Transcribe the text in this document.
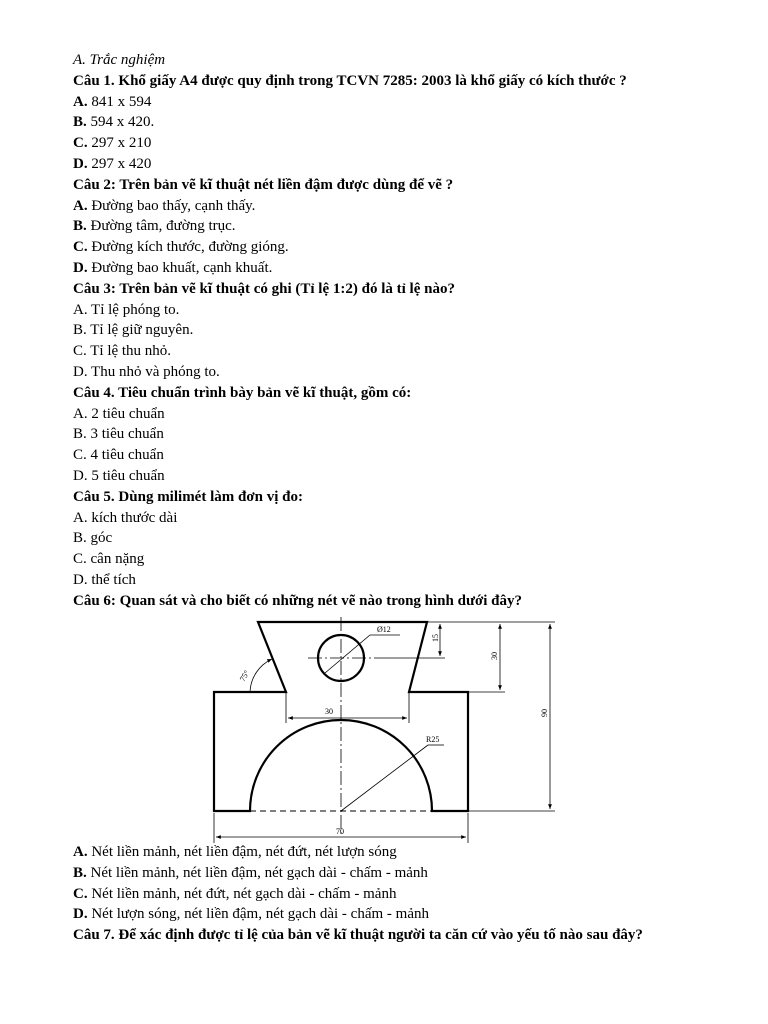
A. Trắc nghiệm
Câu 1. Khổ giấy A4 được quy định trong TCVN 7285: 2003 là khổ giấy có kích thước ?
A. 841 x 594
B. 594 x 420.
C. 297 x 210
D. 297 x 420
Câu 2: Trên bản vẽ kĩ thuật nét liền đậm được dùng để vẽ ?
A. Đường bao thấy, cạnh thấy.
B. Đường tâm, đường trục.
C. Đường kích thước, đường gióng.
D. Đường bao khuất, cạnh khuất.
Câu 3: Trên bản vẽ kĩ thuật có ghi (Tỉ lệ 1:2) đó là tỉ lệ nào?
A. Tỉ lệ phóng to.
B. Tỉ lệ giữ nguyên.
C. Tỉ lệ thu nhỏ.
D. Thu nhỏ và phóng to.
Câu 4. Tiêu chuẩn trình bày bản vẽ kĩ thuật, gồm có:
A. 2 tiêu chuẩn
B. 3 tiêu chuẩn
C. 4 tiêu chuẩn
D. 5 tiêu chuẩn
Câu 5. Dùng milimét làm đơn vị đo:
A. kích thước dài
B. góc
C. cân nặng
D. thể tích
Câu 6: Quan sát và cho biết có những nét vẽ nào trong hình dưới đây?
Ø12
30
R25
70
15
30
90
75°
A. Nét liền mảnh, nét liền đậm, nét đứt, nét lượn sóng
B. Nét liền mảnh, nét liền đậm, nét gạch dài - chấm - mảnh
C. Nét liền mảnh, nét đứt, nét gạch dài - chấm - mảnh
D. Nét lượn sóng, nét liền đậm, nét gạch dài - chấm - mảnh
Câu 7. Để xác định được tỉ lệ của bản vẽ kĩ thuật người ta căn cứ vào yếu tố nào sau đây?
